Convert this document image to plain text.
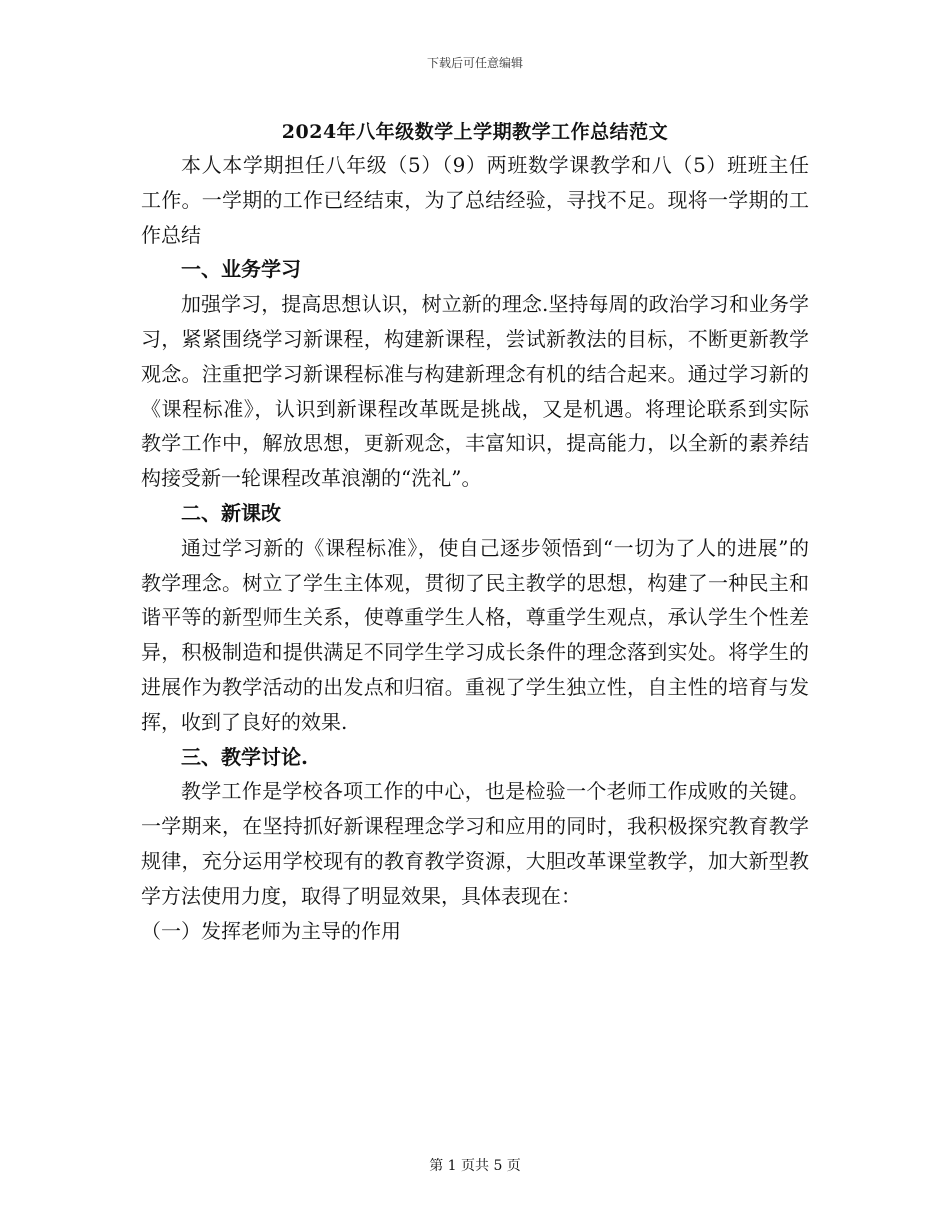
下载后可任意编辑
2024年八年级数学上学期教学工作总结范文

本人本学期担任八年级（5）（9）两班数学课教学和八（5）班班主任工作。一学期的工作已经结束，为了总结经验，寻找不足。现将一学期的工作总结

一、业务学习

加强学习，提高思想认识，树立新的理念.坚持每周的政治学习和业务学习，紧紧围绕学习新课程，构建新课程，尝试新教法的目标，不断更新教学观念。注重把学习新课程标准与构建新理念有机的结合起来。通过学习新的《课程标准》，认识到新课程改革既是挑战，又是机遇。将理论联系到实际教学工作中，解放思想，更新观念，丰富知识，提高能力，以全新的素养结构接受新一轮课程改革浪潮的“洗礼”。

二、新课改

通过学习新的《课程标准》，使自己逐步领悟到“一切为了人的进展”的教学理念。树立了学生主体观，贯彻了民主教学的思想，构建了一种民主和谐平等的新型师生关系，使尊重学生人格，尊重学生观点，承认学生个性差异，积极制造和提供满足不同学生学习成长条件的理念落到实处。将学生的进展作为教学活动的出发点和归宿。重视了学生独立性，自主性的培育与发挥，收到了良好的效果.

三、教学讨论.

教学工作是学校各项工作的中心，也是检验一个老师工作成败的关键。一学期来，在坚持抓好新课程理念学习和应用的同时，我积极探究教育教学规律，充分运用学校现有的教育教学资源，大胆改革课堂教学，加大新型教学方法使用力度，取得了明显效果，具体表现在：

（一）发挥老师为主导的作用

第 1 页共 5 页
